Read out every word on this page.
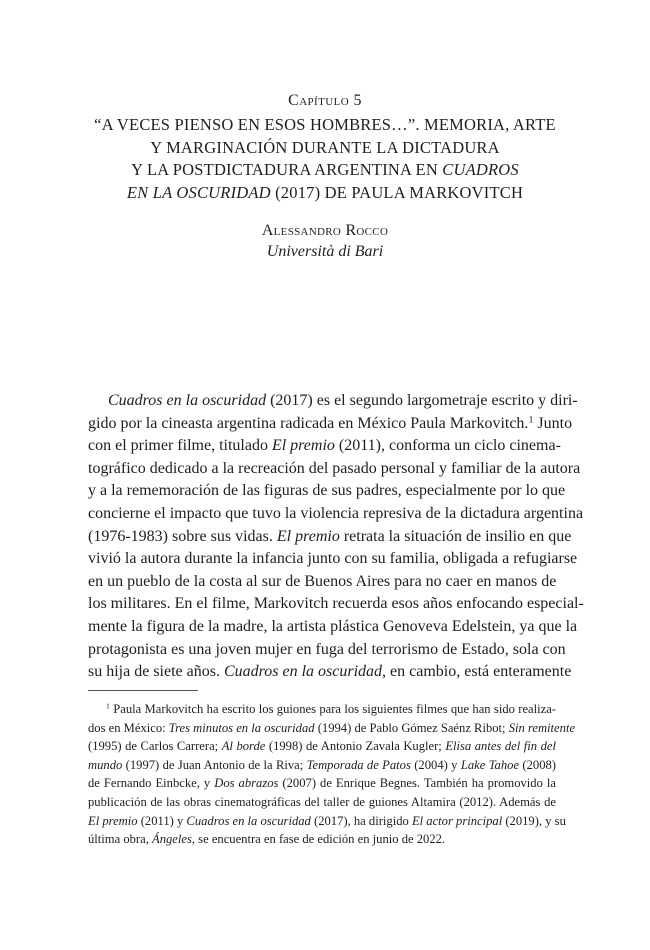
Capítulo 5
“A VECES PIENSO EN ESOS HOMBRES…”. MEMORIA, ARTE
Y MARGINACIÓN DURANTE LA DICTADURA
Y LA POSTDICTADURA ARGENTINA EN CUADROS
EN LA OSCURIDAD (2017) DE PAULA MARKOVITCH
Alessandro Rocco
Università di Bari
Cuadros en la oscuridad (2017) es el segundo largometraje escrito y diri-
gido por la cineasta argentina radicada en México Paula Markovitch.$^1$ Junto
con el primer filme, titulado El premio (2011), conforma un ciclo cinema-
tográfico dedicado a la recreación del pasado personal y familiar de la autora
y a la rememoración de las figuras de sus padres, especialmente por lo que
concierne el impacto que tuvo la violencia represiva de la dictadura argentina
(1976-1983) sobre sus vidas. El premio retrata la situación de insilio en que
vivió la autora durante la infancia junto con su familia, obligada a refugiarse
en un pueblo de la costa al sur de Buenos Aires para no caer en manos de
los militares. En el filme, Markovitch recuerda esos años enfocando especial-
mente la figura de la madre, la artista plástica Genoveva Edelstein, ya que la
protagonista es una joven mujer en fuga del terrorismo de Estado, sola con
su hija de siete años. Cuadros en la oscuridad, en cambio, está enteramente
$^1$ Paula Markovitch ha escrito los guiones para los siguientes filmes que han sido realiza-
dos en México: Tres minutos en la oscuridad (1994) de Pablo Gómez Saénz Ribot; Sin remitente
(1995) de Carlos Carrera; Al borde (1998) de Antonio Zavala Kugler; Elisa antes del fin del
mundo (1997) de Juan Antonio de la Riva; Temporada de Patos (2004) y Lake Tahoe (2008)
de Fernando Einbcke, y Dos abrazos (2007) de Enrique Begnes. También ha promovido la
publicación de las obras cinematográficas del taller de guiones Altamira (2012). Además de
El premio (2011) y Cuadros en la oscuridad (2017), ha dirigido El actor principal (2019), y su
última obra, Ángeles, se encuentra en fase de edición en junio de 2022.
